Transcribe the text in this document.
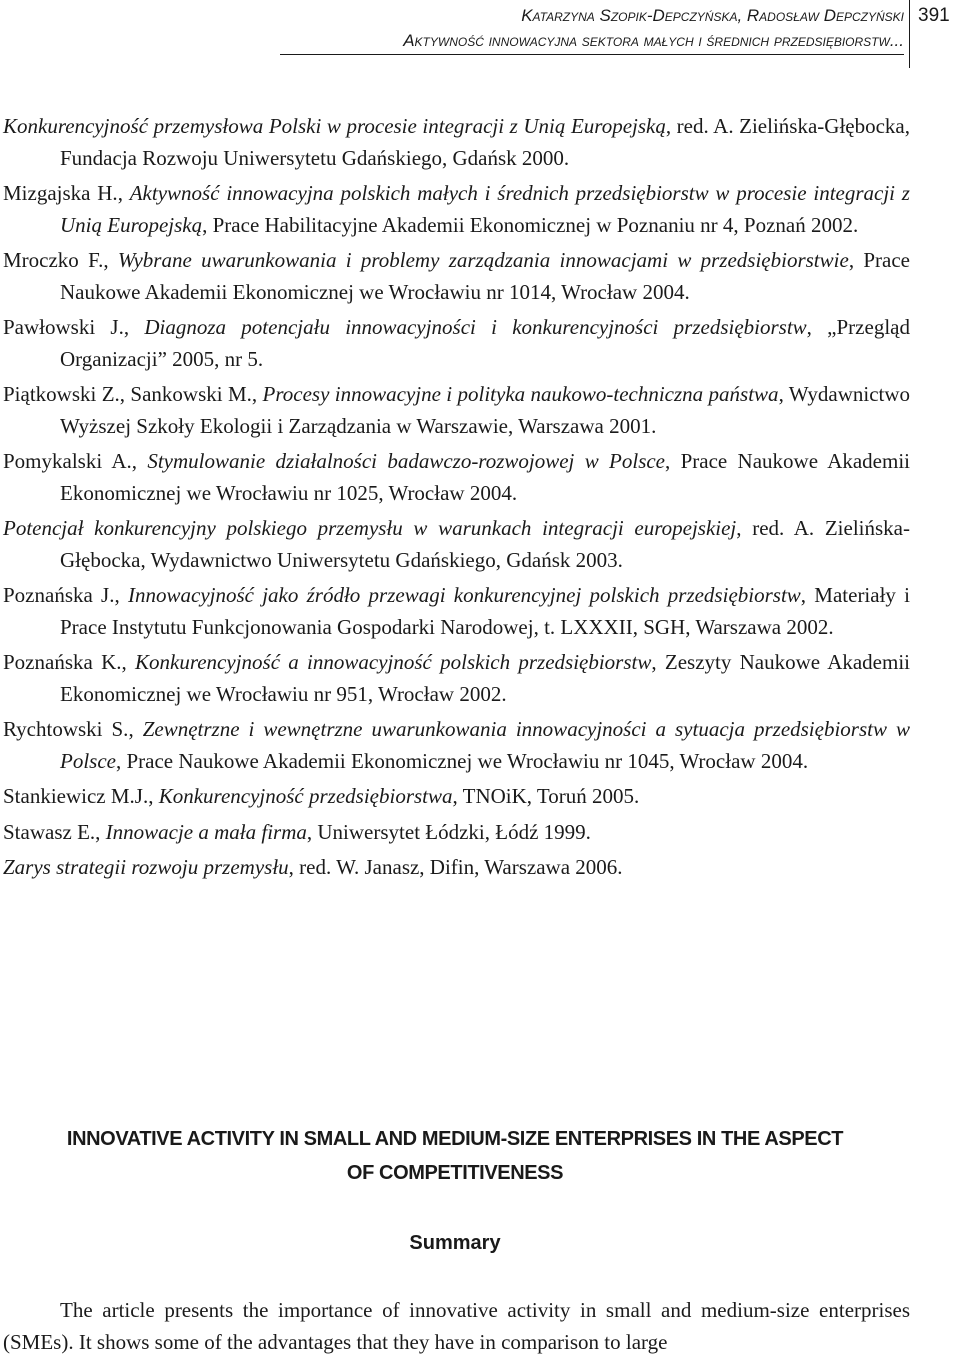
Katarzyna Szopik-Depczyńska, Radosław Depczyński
Aktywność innowacyjna sektora małych i średnich przedsiębiorstw...
391

Konkurencyjność przemysłowa Polski w procesie integracji z Unią Europejską, red. A. Zielińska-Głębocka, Fundacja Rozwoju Uniwersytetu Gdańskiego, Gdańsk 2000.

Mizgajska H., Aktywność innowacyjna polskich małych i średnich przedsiębiorstw w procesie integracji z Unią Europejską, Prace Habilitacyjne Akademii Ekonomicznej w Poznaniu nr 4, Poznań 2002.

Mroczko F., Wybrane uwarunkowania i problemy zarządzania innowacjami w przedsiębiorstwie, Prace Naukowe Akademii Ekonomicznej we Wrocławiu nr 1014, Wrocław 2004.

Pawłowski J., Diagnoza potencjału innowacyjności i konkurencyjności przedsiębiorstw, „Przegląd Organizacji” 2005, nr 5.

Piątkowski Z., Sankowski M., Procesy innowacyjne i polityka naukowo-techniczna państwa, Wydawnictwo Wyższej Szkoły Ekologii i Zarządzania w Warszawie, Warszawa 2001.

Pomykalski A., Stymulowanie działalności badawczo-rozwojowej w Polsce, Prace Naukowe Akademii Ekonomicznej we Wrocławiu nr 1025, Wrocław 2004.

Potencjał konkurencyjny polskiego przemysłu w warunkach integracji europejskiej, red. A. Zielińska-Głębocka, Wydawnictwo Uniwersytetu Gdańskiego, Gdańsk 2003.

Poznańska J., Innowacyjność jako źródło przewagi konkurencyjnej polskich przedsiębiorstw, Materiały i Prace Instytutu Funkcjonowania Gospodarki Narodowej, t. LXXXII, SGH, Warszawa 2002.

Poznańska K., Konkurencyjność a innowacyjność polskich przedsiębiorstw, Zeszyty Naukowe Akademii Ekonomicznej we Wrocławiu nr 951, Wrocław 2002.

Rychtowski S., Zewnętrzne i wewnętrzne uwarunkowania innowacyjności a sytuacja przedsiębiorstw w Polsce, Prace Naukowe Akademii Ekonomicznej we Wrocławiu nr 1045, Wrocław 2004.

Stankiewicz M.J., Konkurencyjność przedsiębiorstwa, TNOiK, Toruń 2005.

Stawasz E., Innowacje a mała firma, Uniwersytet Łódzki, Łódź 1999.

Zarys strategii rozwoju przemysłu, red. W. Janasz, Difin, Warszawa 2006.

INNOVATIVE ACTIVITY IN SMALL AND MEDIUM-SIZE ENTERPRISES IN THE ASPECT
OF COMPETITIVENESS

Summary

The article presents the importance of innovative activity in small and medium-size enterprises (SMEs). It shows some of the advantages that they have in comparison to large
